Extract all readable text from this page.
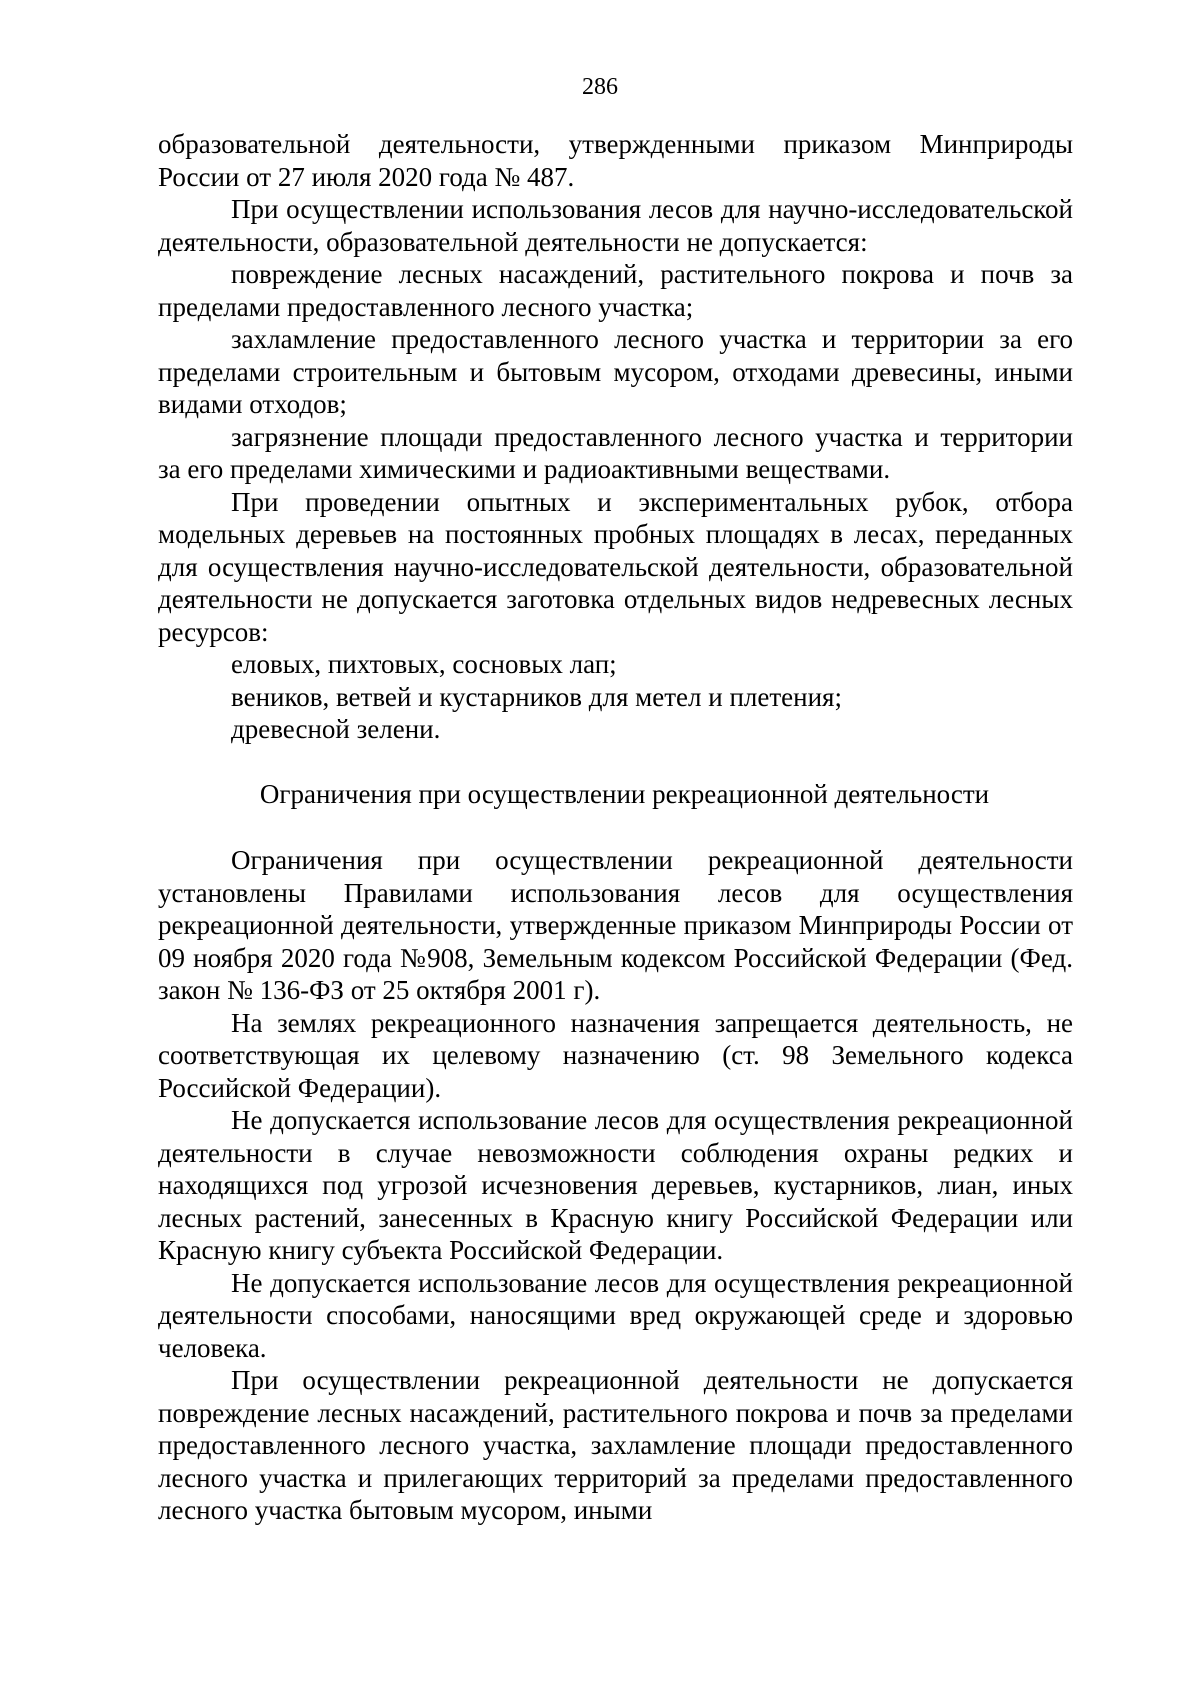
286

образовательной деятельности, утвержденными приказом Минприроды России от 27 июля 2020 года № 487.

При осуществлении использования лесов для научно-исследовательской деятельности, образовательной деятельности не допускается:

повреждение лесных насаждений, растительного покрова и почв за пределами предоставленного лесного участка;

захламление предоставленного лесного участка и территории за его пределами строительным и бытовым мусором, отходами древесины, иными видами отходов;

загрязнение площади предоставленного лесного участка и территории за его пределами химическими и радиоактивными веществами.

При проведении опытных и экспериментальных рубок, отбора модельных деревьев на постоянных пробных площадях в лесах, переданных для осуществления научно-исследовательской деятельности, образовательной деятельности не допускается заготовка отдельных видов недревесных лесных ресурсов:

еловых, пихтовых, сосновых лап;

веников, ветвей и кустарников для метел и плетения;

древесной зелени.

Ограничения при осуществлении рекреационной деятельности

Ограничения при осуществлении рекреационной деятельности установлены Правилами использования лесов для осуществления рекреационной деятельности, утвержденные приказом Минприроды России от 09 ноября 2020 года №908, Земельным кодексом Российской Федерации (Фед. закон № 136-ФЗ от 25 октября 2001 г).

На землях рекреационного назначения запрещается деятельность, не соответствующая их целевому назначению (ст. 98 Земельного кодекса Российской Федерации).

Не допускается использование лесов для осуществления рекреационной деятельности в случае невозможности соблюдения охраны редких и находящихся под угрозой исчезновения деревьев, кустарников, лиан, иных лесных растений, занесенных в Красную книгу Российской Федерации или Красную книгу субъекта Российской Федерации.

Не допускается использование лесов для осуществления рекреационной деятельности способами, наносящими вред окружающей среде и здоровью человека.

При осуществлении рекреационной деятельности не допускается повреждение лесных насаждений, растительного покрова и почв за пределами предоставленного лесного участка, захламление площади предоставленного лесного участка и прилегающих территорий за пределами предоставленного лесного участка бытовым мусором, иными
